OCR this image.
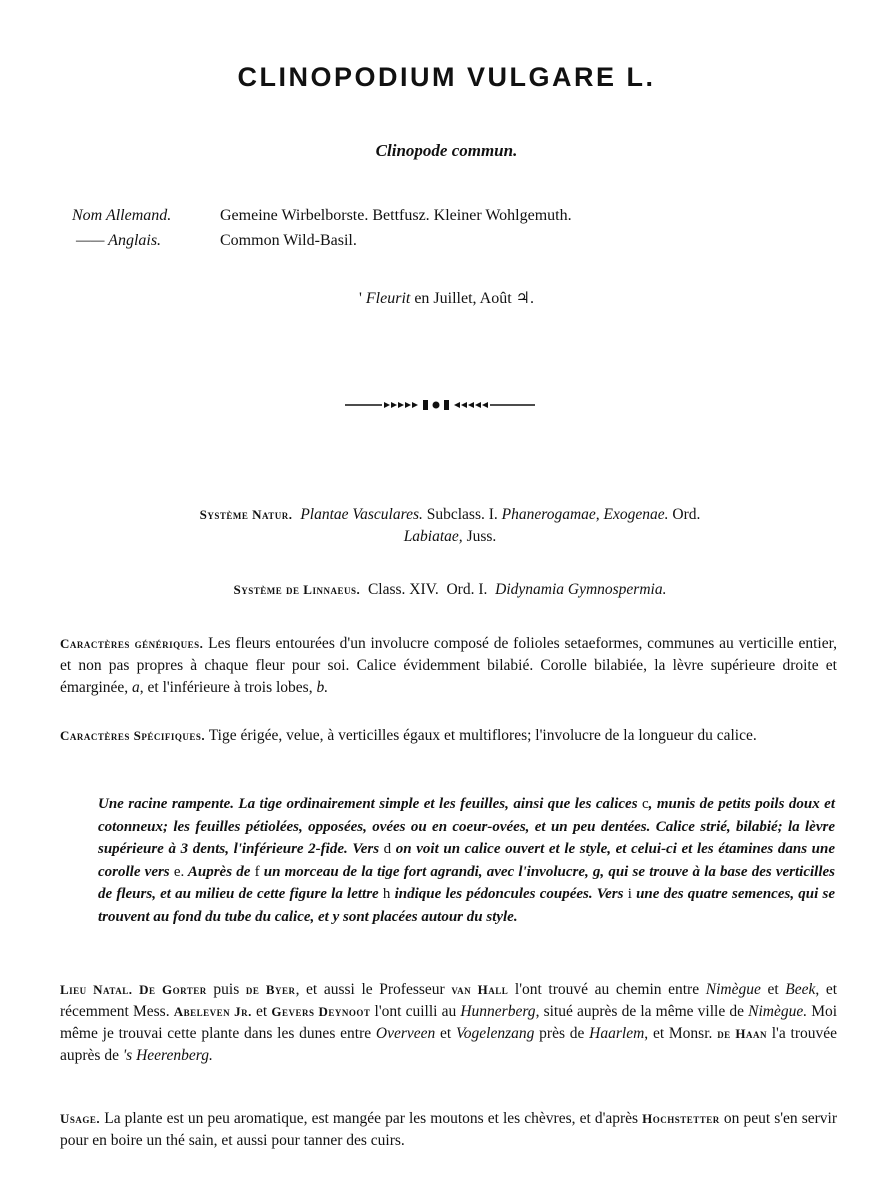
CLINOPODIUM VULGARE L.
Clinopode commun.
Nom Allemand.	Gemeine Wirbelborste. Bettfusz. Kleiner Wohlgemuth.
—— Anglais.	Common Wild-Basil.
' Fleurit en Juillet, Août ♃.
Système Natur. Plantae Vasculares. Subclass. I. Phanerogamae, Exogenae. Ord.
Labiatae, Juss.
Système de Linnaeus. Class. XIV. Ord. I. Didynamia Gymnospermia.
Caractères génériques. Les fleurs entourées d'un involucre composé de folioles setaeformes, communes au verticille entier, et non pas propres à chaque fleur pour soi. Calice évidemment bilabié. Corolle bilabiée, la lèvre supérieure droite et émarginée, a, et l'inférieure à trois lobes, b.
Caractères Spécifiques. Tige érigée, velue, à verticilles égaux et multiflores; l'involucre de la longueur du calice.
Une racine rampente. La tige ordinairement simple et les feuilles, ainsi que les calices c, munis de petits poils doux et cotonneux; les feuilles pétiolées, opposées, ovées ou en coeur-ovées, et un peu dentées. Calice strié, bilabié; la lèvre supérieure à 3 dents, l'inférieure 2-fide. Vers d on voit un calice ouvert et le style, et celui-ci et les étamines dans une corolle vers e. Auprès de f un morceau de la tige fort agrandi, avec l'involucre, g, qui se trouve à la base des verticilles de fleurs, et au milieu de cette figure la lettre h indique les pédoncules coupées. Vers i une des quatre semences, qui se trouvent au fond du tube du calice, et y sont placées autour du style.
Lieu Natal. De Gorter puis de Byer, et aussi le Professeur van Hall l'ont trouvé au chemin entre Nimègue et Beek, et récemment Mess. Abeleven Jr. et Gevers Deynoot l'ont cuilli au Hunnerberg, situé auprès de la même ville de Nimègue. Moi même je trouvai cette plante dans les dunes entre Overveen et Vogelenzang près de Haarlem, et Monsr. de Haan l'a trouvée auprès de 's Heerenberg.
Usage. La plante est un peu aromatique, est mangée par les moutons et les chèvres, et d'après Hochstetter on peut s'en servir pour en boire un thé sain, et aussi pour tanner des cuirs.
